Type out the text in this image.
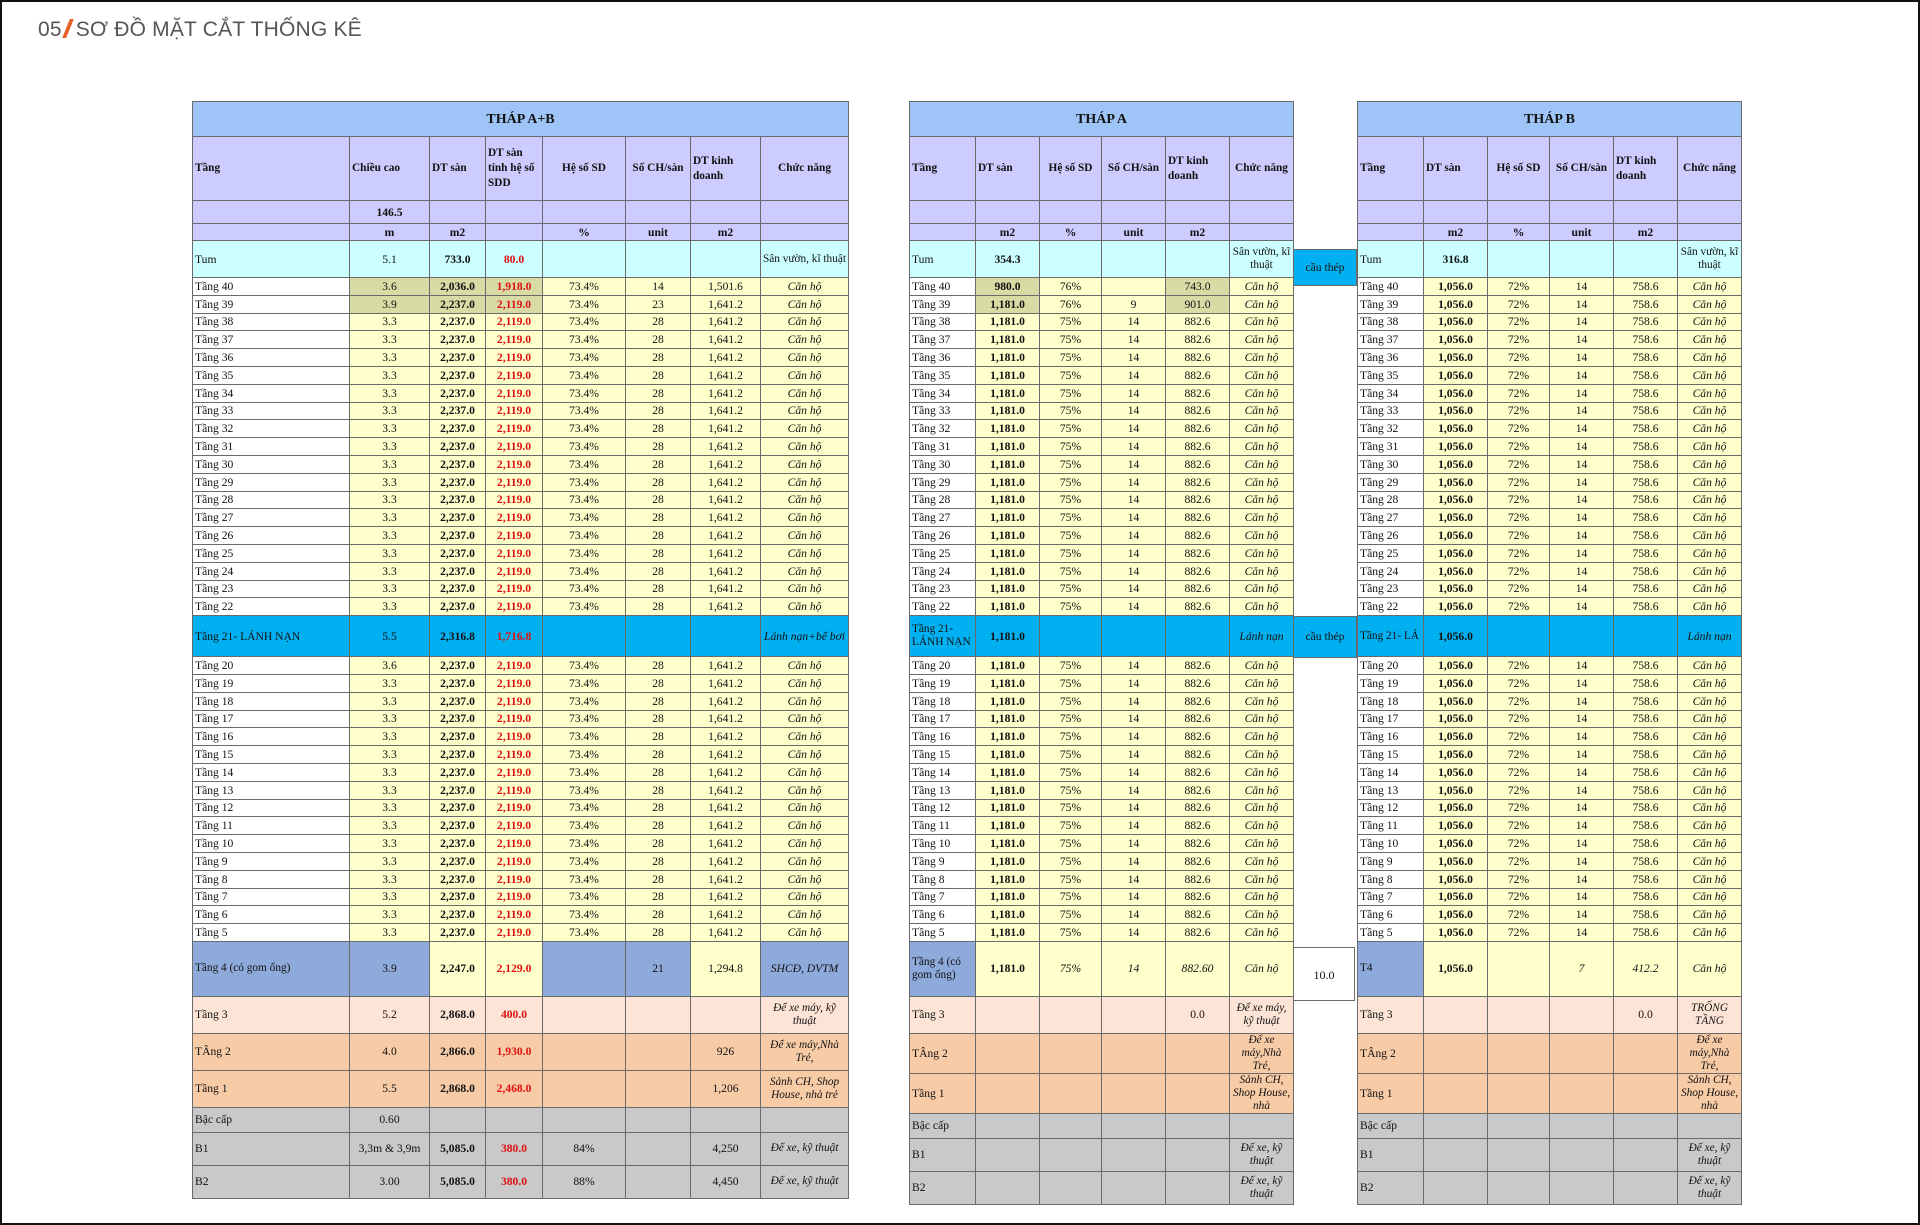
05 SƠ ĐỒ MẶT CẮT THỐNG KÊ
THÁP A+B							
Tầng	Chiều cao	DT sàn	DT sàn tính hệ số SDD	Hệ số SD	Số CH/sàn	DT kinh doanh	Chức năng
	146.5						
	m	m2		%	unit	m2	
Tum	5.1	733.0	80.0				Sân vườn, kĩ thuật
Tầng 40	3.6	2,036.0	1,918.0	73.4%	14	1,501.6	Căn hộ
Tầng 39	3.9	2,237.0	2,119.0	73.4%	23	1,641.2	Căn hộ
Tầng 38	3.3	2,237.0	2,119.0	73.4%	28	1,641.2	Căn hộ
Tầng 37	3.3	2,237.0	2,119.0	73.4%	28	1,641.2	Căn hộ
Tầng 36	3.3	2,237.0	2,119.0	73.4%	28	1,641.2	Căn hộ
Tầng 35	3.3	2,237.0	2,119.0	73.4%	28	1,641.2	Căn hộ
Tầng 34	3.3	2,237.0	2,119.0	73.4%	28	1,641.2	Căn hộ
Tầng 33	3.3	2,237.0	2,119.0	73.4%	28	1,641.2	Căn hộ
Tầng 32	3.3	2,237.0	2,119.0	73.4%	28	1,641.2	Căn hộ
Tầng 31	3.3	2,237.0	2,119.0	73.4%	28	1,641.2	Căn hộ
Tầng 30	3.3	2,237.0	2,119.0	73.4%	28	1,641.2	Căn hộ
Tầng 29	3.3	2,237.0	2,119.0	73.4%	28	1,641.2	Căn hộ
Tầng 28	3.3	2,237.0	2,119.0	73.4%	28	1,641.2	Căn hộ
Tầng 27	3.3	2,237.0	2,119.0	73.4%	28	1,641.2	Căn hộ
Tầng 26	3.3	2,237.0	2,119.0	73.4%	28	1,641.2	Căn hộ
Tầng 25	3.3	2,237.0	2,119.0	73.4%	28	1,641.2	Căn hộ
Tầng 24	3.3	2,237.0	2,119.0	73.4%	28	1,641.2	Căn hộ
Tầng 23	3.3	2,237.0	2,119.0	73.4%	28	1,641.2	Căn hộ
Tầng 22	3.3	2,237.0	2,119.0	73.4%	28	1,641.2	Căn hộ
Tầng 21- LÁNH NẠN	5.5	2,316.8	1,716.8				Lánh nạn+bể bơi
Tầng 20	3.6	2,237.0	2,119.0	73.4%	28	1,641.2	Căn hộ
Tầng 19	3.3	2,237.0	2,119.0	73.4%	28	1,641.2	Căn hộ
Tầng 18	3.3	2,237.0	2,119.0	73.4%	28	1,641.2	Căn hộ
Tầng 17	3.3	2,237.0	2,119.0	73.4%	28	1,641.2	Căn hộ
Tầng 16	3.3	2,237.0	2,119.0	73.4%	28	1,641.2	Căn hộ
Tầng 15	3.3	2,237.0	2,119.0	73.4%	28	1,641.2	Căn hộ
Tầng 14	3.3	2,237.0	2,119.0	73.4%	28	1,641.2	Căn hộ
Tầng 13	3.3	2,237.0	2,119.0	73.4%	28	1,641.2	Căn hộ
Tầng 12	3.3	2,237.0	2,119.0	73.4%	28	1,641.2	Căn hộ
Tầng 11	3.3	2,237.0	2,119.0	73.4%	28	1,641.2	Căn hộ
Tầng 10	3.3	2,237.0	2,119.0	73.4%	28	1,641.2	Căn hộ
Tầng 9	3.3	2,237.0	2,119.0	73.4%	28	1,641.2	Căn hộ
Tầng 8	3.3	2,237.0	2,119.0	73.4%	28	1,641.2	Căn hộ
Tầng 7	3.3	2,237.0	2,119.0	73.4%	28	1,641.2	Căn hộ
Tầng 6	3.3	2,237.0	2,119.0	73.4%	28	1,641.2	Căn hộ
Tầng 5	3.3	2,237.0	2,119.0	73.4%	28	1,641.2	Căn hộ
Tầng 4 (có gom ống)	3.9	2,247.0	2,129.0		21	1,294.8	SHCĐ, DVTM
Tầng 3	5.2	2,868.0	400.0				Để xe máy, kỹ thuật
TÂng 2	4.0	2,866.0	1,930.0			926	Để xe máy,Nhà Trẻ,
Tầng 1	5.5	2,868.0	2,468.0			1,206	Sảnh CH, Shop House, nhà trẻ
Bậc cấp	0.60						
B1	3,3m & 3,9m	5,085.0	380.0	84%		4,250	Để xe, kỹ thuật
B2	3.00	5,085.0	380.0	88%		4,450	Để xe, kỹ thuật
THÁP A					
Tầng	DT sàn	Hệ số SD	Số CH/sàn	DT kinh doanh	Chức năng

	m2	%	unit	m2	
Tum	354.3				Sân vườn, kĩ thuật
Tầng 40	980.0	76%		743.0	Căn hộ
Tầng 39	1,181.0	76%	9	901.0	Căn hộ
Tầng 38	1,181.0	75%	14	882.6	Căn hộ
Tầng 37	1,181.0	75%	14	882.6	Căn hộ
Tầng 36	1,181.0	75%	14	882.6	Căn hộ
Tầng 35	1,181.0	75%	14	882.6	Căn hộ
Tầng 34	1,181.0	75%	14	882.6	Căn hộ
Tầng 33	1,181.0	75%	14	882.6	Căn hộ
Tầng 32	1,181.0	75%	14	882.6	Căn hộ
Tầng 31	1,181.0	75%	14	882.6	Căn hộ
Tầng 30	1,181.0	75%	14	882.6	Căn hộ
Tầng 29	1,181.0	75%	14	882.6	Căn hộ
Tầng 28	1,181.0	75%	14	882.6	Căn hộ
Tầng 27	1,181.0	75%	14	882.6	Căn hộ
Tầng 26	1,181.0	75%	14	882.6	Căn hộ
Tầng 25	1,181.0	75%	14	882.6	Căn hộ
Tầng 24	1,181.0	75%	14	882.6	Căn hộ
Tầng 23	1,181.0	75%	14	882.6	Căn hộ
Tầng 22	1,181.0	75%	14	882.6	Căn hộ
Tầng 21- LÁNH NẠN	1,181.0				Lánh nạn
Tầng 20	1,181.0	75%	14	882.6	Căn hộ
Tầng 19	1,181.0	75%	14	882.6	Căn hộ
Tầng 18	1,181.0	75%	14	882.6	Căn hộ
Tầng 17	1,181.0	75%	14	882.6	Căn hộ
Tầng 16	1,181.0	75%	14	882.6	Căn hộ
Tầng 15	1,181.0	75%	14	882.6	Căn hộ
Tầng 14	1,181.0	75%	14	882.6	Căn hộ
Tầng 13	1,181.0	75%	14	882.6	Căn hộ
Tầng 12	1,181.0	75%	14	882.6	Căn hộ
Tầng 11	1,181.0	75%	14	882.6	Căn hộ
Tầng 10	1,181.0	75%	14	882.6	Căn hộ
Tầng 9	1,181.0	75%	14	882.6	Căn hộ
Tầng 8	1,181.0	75%	14	882.6	Căn hộ
Tầng 7	1,181.0	75%	14	882.6	Căn hộ
Tầng 6	1,181.0	75%	14	882.6	Căn hộ
Tầng 5	1,181.0	75%	14	882.6	Căn hộ
Tầng 4 (có gom ống)	1,181.0	75%	14	882.60	Căn hộ
Tầng 3				0.0	Để xe máy, kỹ thuật
TÂng 2					Để xe máy,Nhà Trẻ,
Tầng 1					Sảnh CH, Shop House, nhà
Bậc cấp					
B1					Để xe, kỹ thuật
B2					Để xe, kỹ thuật
THÁP B					
Tầng	DT sàn	Hệ số SD	Số CH/sàn	DT kinh doanh	Chức năng

	m2	%	unit	m2	
Tum	316.8				Sân vườn, kĩ thuật
Tầng 40	1,056.0	72%	14	758.6	Căn hộ
Tầng 39	1,056.0	72%	14	758.6	Căn hộ
Tầng 38	1,056.0	72%	14	758.6	Căn hộ
Tầng 37	1,056.0	72%	14	758.6	Căn hộ
Tầng 36	1,056.0	72%	14	758.6	Căn hộ
Tầng 35	1,056.0	72%	14	758.6	Căn hộ
Tầng 34	1,056.0	72%	14	758.6	Căn hộ
Tầng 33	1,056.0	72%	14	758.6	Căn hộ
Tầng 32	1,056.0	72%	14	758.6	Căn hộ
Tầng 31	1,056.0	72%	14	758.6	Căn hộ
Tầng 30	1,056.0	72%	14	758.6	Căn hộ
Tầng 29	1,056.0	72%	14	758.6	Căn hộ
Tầng 28	1,056.0	72%	14	758.6	Căn hộ
Tầng 27	1,056.0	72%	14	758.6	Căn hộ
Tầng 26	1,056.0	72%	14	758.6	Căn hộ
Tầng 25	1,056.0	72%	14	758.6	Căn hộ
Tầng 24	1,056.0	72%	14	758.6	Căn hộ
Tầng 23	1,056.0	72%	14	758.6	Căn hộ
Tầng 22	1,056.0	72%	14	758.6	Căn hộ
Tầng 21- LÁ	1,056.0				Lánh nạn
Tầng 20	1,056.0	72%	14	758.6	Căn hộ
Tầng 19	1,056.0	72%	14	758.6	Căn hộ
Tầng 18	1,056.0	72%	14	758.6	Căn hộ
Tầng 17	1,056.0	72%	14	758.6	Căn hộ
Tầng 16	1,056.0	72%	14	758.6	Căn hộ
Tầng 15	1,056.0	72%	14	758.6	Căn hộ
Tầng 14	1,056.0	72%	14	758.6	Căn hộ
Tầng 13	1,056.0	72%	14	758.6	Căn hộ
Tầng 12	1,056.0	72%	14	758.6	Căn hộ
Tầng 11	1,056.0	72%	14	758.6	Căn hộ
Tầng 10	1,056.0	72%	14	758.6	Căn hộ
Tầng 9	1,056.0	72%	14	758.6	Căn hộ
Tầng 8	1,056.0	72%	14	758.6	Căn hộ
Tầng 7	1,056.0	72%	14	758.6	Căn hộ
Tầng 6	1,056.0	72%	14	758.6	Căn hộ
Tầng 5	1,056.0	72%	14	758.6	Căn hộ
T4	1,056.0		7	412.2	Căn hộ
Tầng 3				0.0	TRỐNG TẦNG
TÂng 2					Để xe máy,Nhà Trẻ,
Tầng 1					Sảnh CH, Shop House, nhà
Bậc cấp					
B1					Để xe, kỹ thuật
B2					Để xe, kỹ thuật
cầu thép
cầu thép
10.0
